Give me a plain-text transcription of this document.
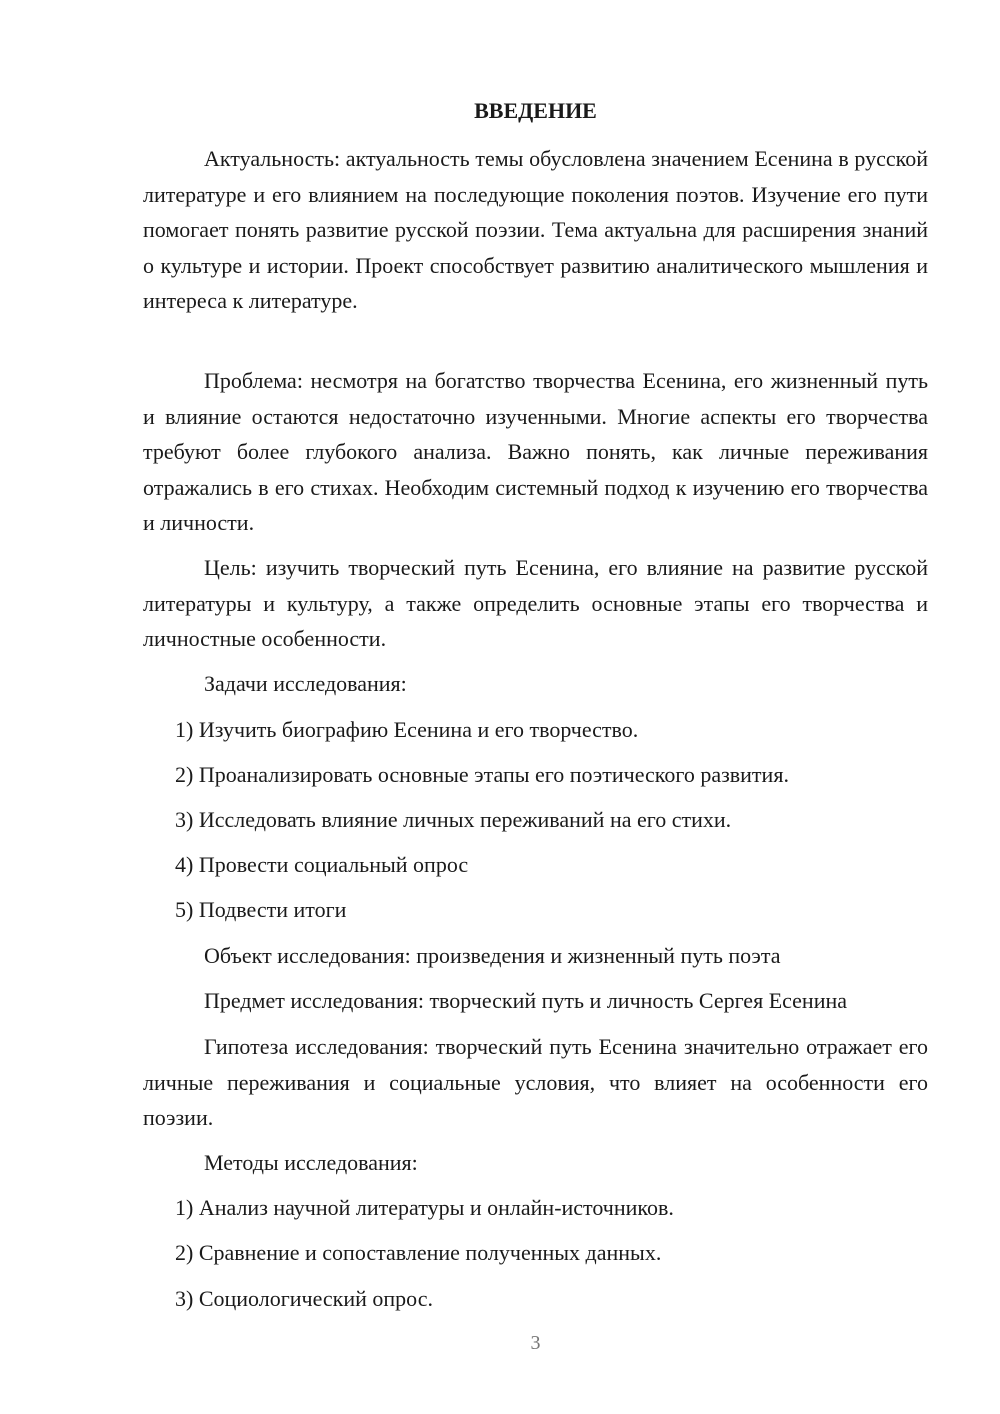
ВВЕДЕНИЕ

Актуальность: актуальность темы обусловлена значением Есенина в русской литературе и его влиянием на последующие поколения поэтов. Изучение его пути помогает понять развитие русской поэзии. Тема актуальна для расширения знаний о культуре и истории. Проект способствует развитию аналитического мышления и интереса к литературе.

Проблема: несмотря на богатство творчества Есенина, его жизненный путь и влияние остаются недостаточно изученными. Многие аспекты его творчества требуют более глубокого анализа. Важно понять, как личные переживания отражались в его стихах. Необходим системный подход к изучению его творчества и личности.

Цель: изучить творческий путь Есенина, его влияние на развитие русской литературы и культуру, а также определить основные этапы его творчества и личностные особенности.

Задачи исследования:

1) Изучить биографию Есенина и его творчество.

2) Проанализировать основные этапы его поэтического развития.

3) Исследовать влияние личных переживаний на его стихи.

4) Провести социальный опрос

5) Подвести итоги

Объект исследования: произведения и жизненный путь поэта

Предмет исследования: творческий путь и личность Сергея Есенина

Гипотеза исследования: творческий путь Есенина значительно отражает его личные переживания и социальные условия, что влияет на особенности его поэзии.

Методы исследования:

1) Анализ научной литературы и онлайн-источников.

2) Сравнение и сопоставление полученных данных.

3) Социологический опрос.

3
